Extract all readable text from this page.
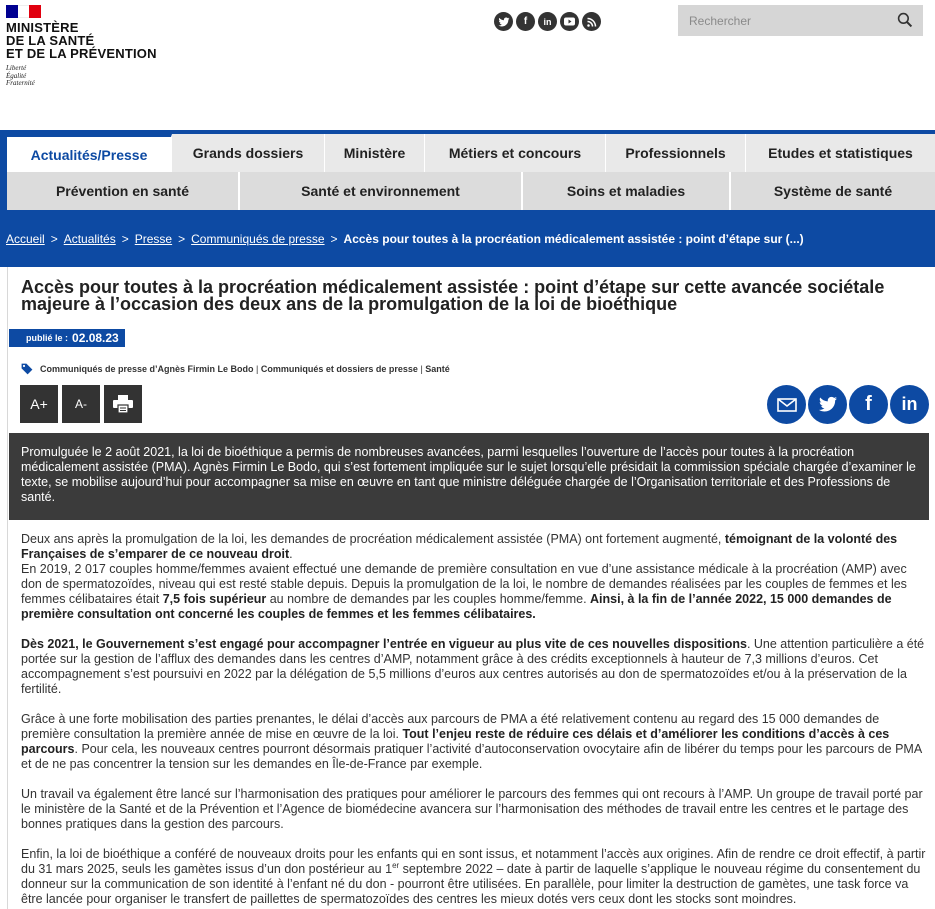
MINISTÈRE
DE LA SANTÉ
ET DE LA PRÉVENTION
Liberté
Égalité
Fraternité
f	in
Rechercher
Actualités/Presse	Grands dossiers	Ministère	Métiers et concours	Professionnels	Etudes et statistiques
Prévention en santé	Santé et environnement	Soins et maladies	Système de santé
Accueil > Actualités > Presse > Communiqués de presse > Accès pour toutes à la procréation médicalement assistée : point d’étape sur (...)
Accès pour toutes à la procréation médicalement assistée : point d’étape sur cette avancée sociétale majeure à l’occasion des deux ans de la promulgation de la loi de bioéthique
publié le : 02.08.23
Communiqués de presse d’Agnès Firmin Le Bodo | Communiqués et dossiers de presse | Santé
A+	A-	f	in
Promulguée le 2 août 2021, la loi de bioéthique a permis de nombreuses avancées, parmi lesquelles l’ouverture de l’accès pour toutes à la procréation médicalement assistée (PMA). Agnès Firmin Le Bodo, qui s’est fortement impliquée sur le sujet lorsqu’elle présidait la commission spéciale chargée d’examiner le texte, se mobilise aujourd’hui pour accompagner sa mise en œuvre en tant que ministre déléguée chargée de l’Organisation territoriale et des Professions de santé.

Deux ans après la promulgation de la loi, les demandes de procréation médicalement assistée (PMA) ont fortement augmenté, témoignant de la volonté des Françaises de s’emparer de ce nouveau droit.
En 2019, 2 017 couples homme/femmes avaient effectué une demande de première consultation en vue d’une assistance médicale à la procréation (AMP) avec don de spermatozoïdes, niveau qui est resté stable depuis. Depuis la promulgation de la loi, le nombre de demandes réalisées par les couples de femmes et les femmes célibataires était 7,5 fois supérieur au nombre de demandes par les couples homme/femme. Ainsi, à la fin de l’année 2022, 15 000 demandes de première consultation ont concerné les couples de femmes et les femmes célibataires.

Dès 2021, le Gouvernement s’est engagé pour accompagner l’entrée en vigueur au plus vite de ces nouvelles dispositions. Une attention particulière a été portée sur la gestion de l’afflux des demandes dans les centres d’AMP, notamment grâce à des crédits exceptionnels à hauteur de 7,3 millions d’euros. Cet accompagnement s’est poursuivi en 2022 par la délégation de 5,5 millions d’euros aux centres autorisés au don de spermatozoïdes et/ou à la préservation de la fertilité.

Grâce à une forte mobilisation des parties prenantes, le délai d’accès aux parcours de PMA a été relativement contenu au regard des 15 000 demandes de première consultation la première année de mise en œuvre de la loi. Tout l’enjeu reste de réduire ces délais et d’améliorer les conditions d’accès à ces parcours. Pour cela, les nouveaux centres pourront désormais pratiquer l’activité d’autoconservation ovocytaire afin de libérer du temps pour les parcours de PMA et de ne pas concentrer la tension sur les demandes en Île-de-France par exemple.

Un travail va également être lancé sur l’harmonisation des pratiques pour améliorer le parcours des femmes qui ont recours à l’AMP. Un groupe de travail porté par le ministère de la Santé et de la Prévention et l’Agence de biomédecine avancera sur l’harmonisation des méthodes de travail entre les centres et le partage des bonnes pratiques dans la gestion des parcours.

Enfin, la loi de bioéthique a conféré de nouveaux droits pour les enfants qui en sont issus, et notamment l’accès aux origines. Afin de rendre ce droit effectif, à partir du 31 mars 2025, seuls les gamètes issus d’un don postérieur au 1er septembre 2022 – date à partir de laquelle s’applique le nouveau régime du consentement du donneur sur la communication de son identité à l’enfant né du don - pourront être utilisées. En parallèle, pour limiter la destruction de gamètes, une task force va être lancée pour organiser le transfert de paillettes de spermatozoïdes des centres les mieux dotés vers ceux dont les stocks sont moindres.
